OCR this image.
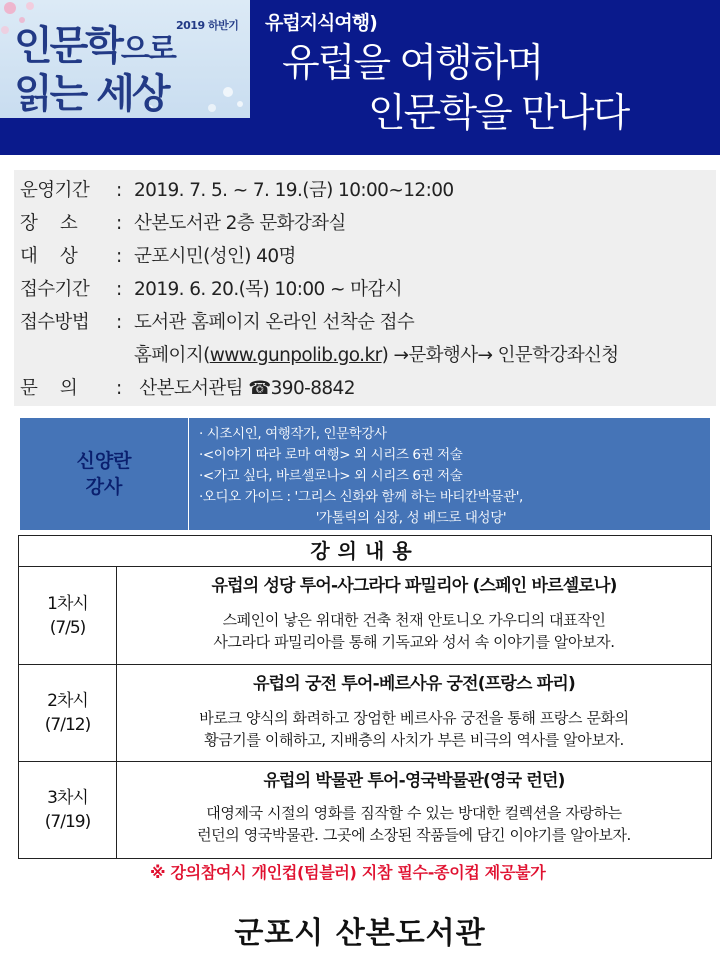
인문학으로
2019 하반기
읽는 세상
유럽지식여행)
유럽을 여행하며
인문학을 만나다
운영기간 : 2019. 7. 5. ~ 7. 19.(금) 10:00~12:00
장소 : 산본도서관 2층 문화강좌실
대상 : 군포시민(성인) 40명
접수기간 : 2019. 6. 20.(목) 10:00 ~ 마감시
접수방법 : 도서관 홈페이지 온라인 선착순 접수
홈페이지(www.gunpolib.go.kr) →문화행사→ 인문학강좌신청
문의 : 산본도서관팀 ☎390-8842
신양란
강사
· 시조시인, 여행작가, 인문학강사
·<이야기 따라 로마 여행> 외 시리즈 6권 저술
·<가고 싶다, 바르셀로나> 외 시리즈 6권 저술
·오디오 가이드 : '그리스 신화와 함께 하는 바티칸박물관',
'가톨릭의 심장, 성 베드로 대성당'
강의내용
1차시
(7/5)
유럽의 성당 투어-사그라다 파밀리아 (스페인 바르셀로나)
스페인이 낳은 위대한 건축 천재 안토니오 가우디의 대표작인
사그라다 파밀리아를 통해 기독교와 성서 속 이야기를 알아보자.
2차시
(7/12)
유럽의 궁전 투어-베르사유 궁전(프랑스 파리)
바로크 양식의 화려하고 장엄한 베르사유 궁전을 통해 프랑스 문화의
황금기를 이해하고, 지배층의 사치가 부른 비극의 역사를 알아보자.
3차시
(7/19)
유럽의 박물관 투어-영국박물관(영국 런던)
대영제국 시절의 영화를 짐작할 수 있는 방대한 컬렉션을 자랑하는
런던의 영국박물관. 그곳에 소장된 작품들에 담긴 이야기를 알아보자.
※ 강의참여시 개인컵(텀블러) 지참 필수-종이컵 제공불가
군포시 산본도서관
